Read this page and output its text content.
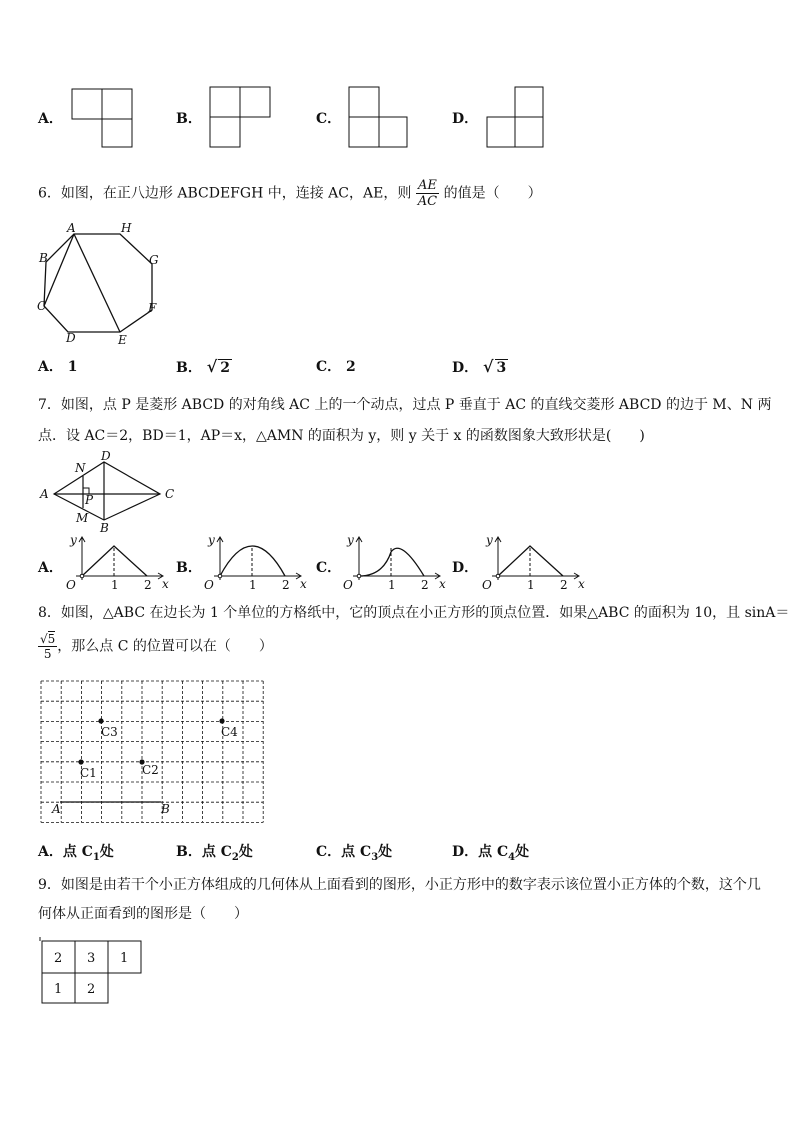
A．	B．	C．	D．
6．如图，在正八边形 ABCDEFGH 中，连接 AC，AE，则 $\frac{AE}{AC}$ 的值是（　　）
A	H
G
F
E
D
C
B
A． 1	B． √ 2	C． 2	D． √ 3
7．如图，点 P 是菱形 ABCD 的对角线 AC 上的一个动点，过点 P 垂直于 AC 的直线交菱形 ABCD 的边于 M、N 两
点．设 AC＝2，BD＝1，AP＝x，△AMN 的面积为 y，则 y 关于 x 的函数图象大致形状是(　　)
A
B
C
D
N
P
M
A．
y
x
O	1 2
B．
y
x
O	1 2
C．
y
x
O	1 2
D．
y
x
O	1 2
8．如图，△ABC 在边长为 1 个单位的方格纸中，它的顶点在小正方形的顶点位置．如果△ABC 的面积为 10，且 sinA＝
$\frac{√5}{5}$ ，那么点 C 的位置可以在（　　）
C3	C4
C1	C2
A	B
A．点 $C_1$处	B．点 $C_2$处	C．点 $C_3$处	D．点 $C_4$处
9．如图是由若干个小正方体组成的几何体从上面看到的图形，小正方形中的数字表示该位置小正方体的个数，这个几
何体从正面看到的图形是（　　）
2 3 1
1 2
